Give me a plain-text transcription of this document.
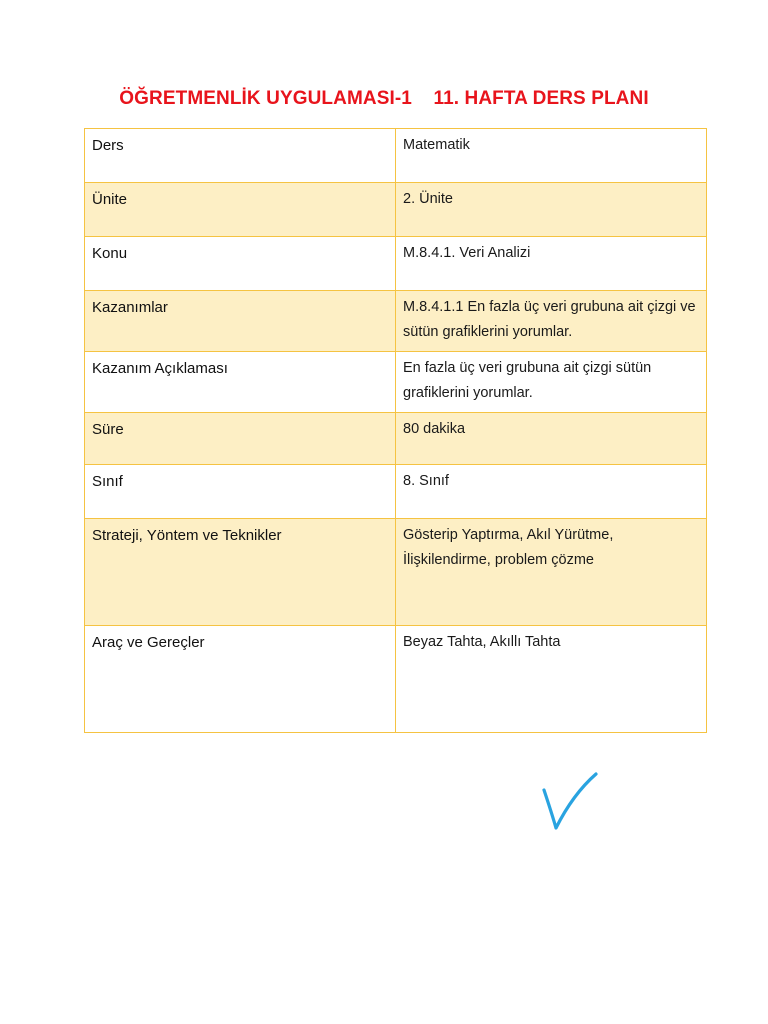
ÖĞRETMENLİK UYGULAMASI-1    11. HAFTA DERS PLANI
Ders	Matematik
Ünite	2. Ünite
Konu	M.8.4.1. Veri Analizi
Kazanımlar	M.8.4.1.1 En fazla üç veri grubuna ait çizgi ve sütün grafiklerini yorumlar.
Kazanım Açıklaması	En fazla üç veri grubuna ait çizgi sütün grafiklerini yorumlar.
Süre	80 dakika
Sınıf	8. Sınıf
Strateji, Yöntem ve Teknikler	Gösterip Yaptırma, Akıl Yürütme, İlişkilendirme, problem çözme
Araç ve Gereçler	Beyaz Tahta, Akıllı Tahta
